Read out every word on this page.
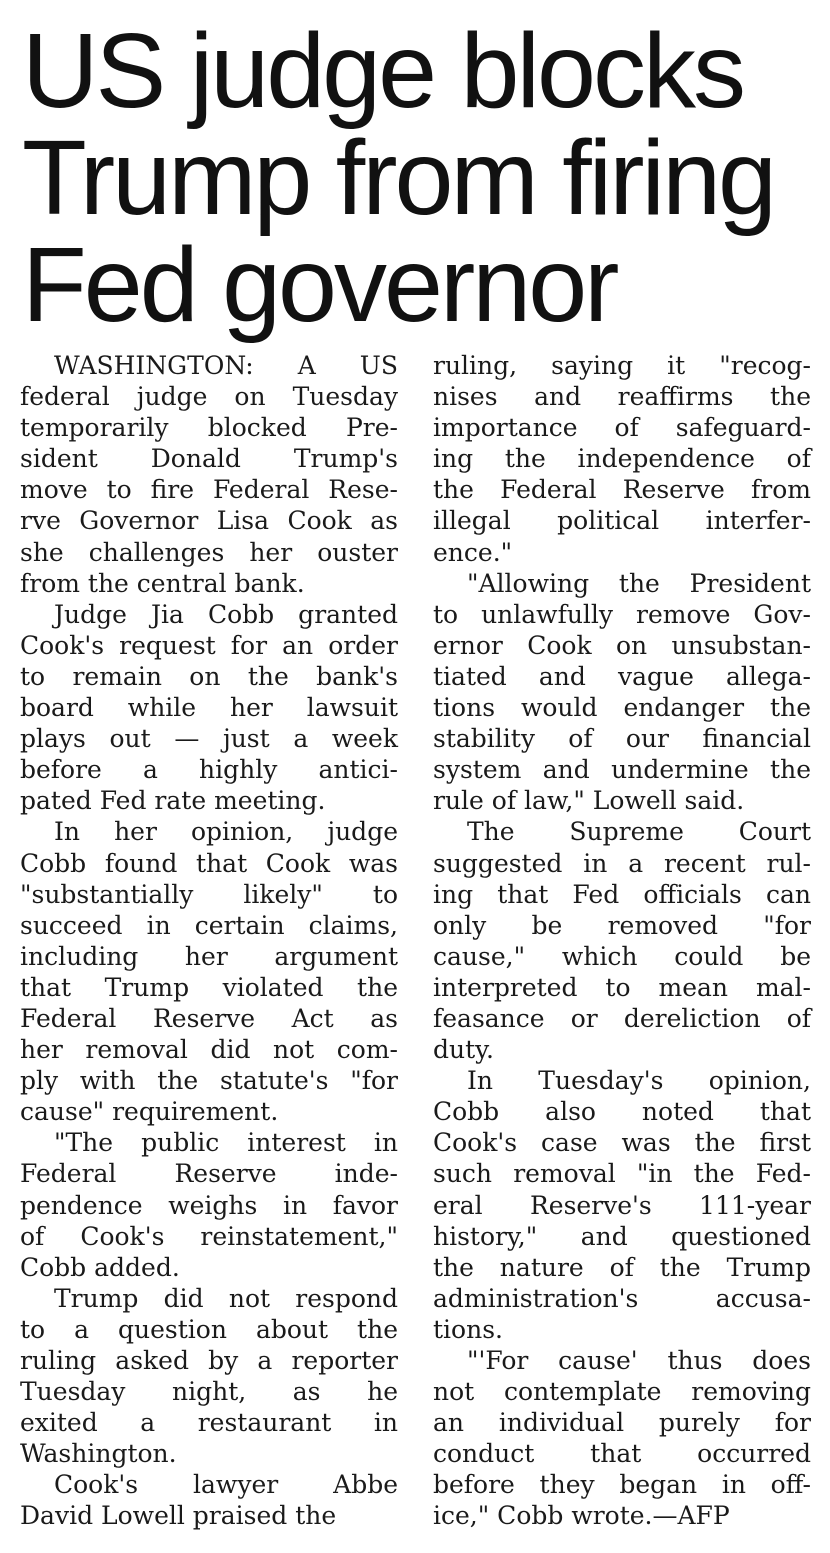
US judge blocks
Trump from firing
Fed governor

WASHINGTON: A US
federal judge on Tuesday
temporarily blocked Pre-
sident Donald Trump's
move to fire Federal Rese-
rve Governor Lisa Cook as
she challenges her ouster
from the central bank.

Judge Jia Cobb granted
Cook's request for an order
to remain on the bank's
board while her lawsuit
plays out — just a week
before a highly antici-
pated Fed rate meeting.

In her opinion, judge
Cobb found that Cook was
"substantially likely" to
succeed in certain claims,
including her argument
that Trump violated the
Federal Reserve Act as
her removal did not com-
ply with the statute's "for
cause" requirement.

"The public interest in
Federal Reserve inde-
pendence weighs in favor
of Cook's reinstatement,"
Cobb added.

Trump did not respond
to a question about the
ruling asked by a reporter
Tuesday night, as he
exited a restaurant in
Washington.

Cook's lawyer Abbe
David Lowell praised the

ruling, saying it "recog-
nises and reaffirms the
importance of safeguard-
ing the independence of
the Federal Reserve from
illegal political interfer-
ence."

"Allowing the President
to unlawfully remove Gov-
ernor Cook on unsubstan-
tiated and vague allega-
tions would endanger the
stability of our financial
system and undermine the
rule of law," Lowell said.

The Supreme Court
suggested in a recent rul-
ing that Fed officials can
only be removed "for
cause," which could be
interpreted to mean mal-
feasance or dereliction of
duty.

In Tuesday's opinion,
Cobb also noted that
Cook's case was the first
such removal "in the Fed-
eral Reserve's 111-year
history," and questioned
the nature of the Trump
administration's accusa-
tions.

"'For cause' thus does
not contemplate removing
an individual purely for
conduct that occurred
before they began in off-
ice," Cobb wrote.—AFP
